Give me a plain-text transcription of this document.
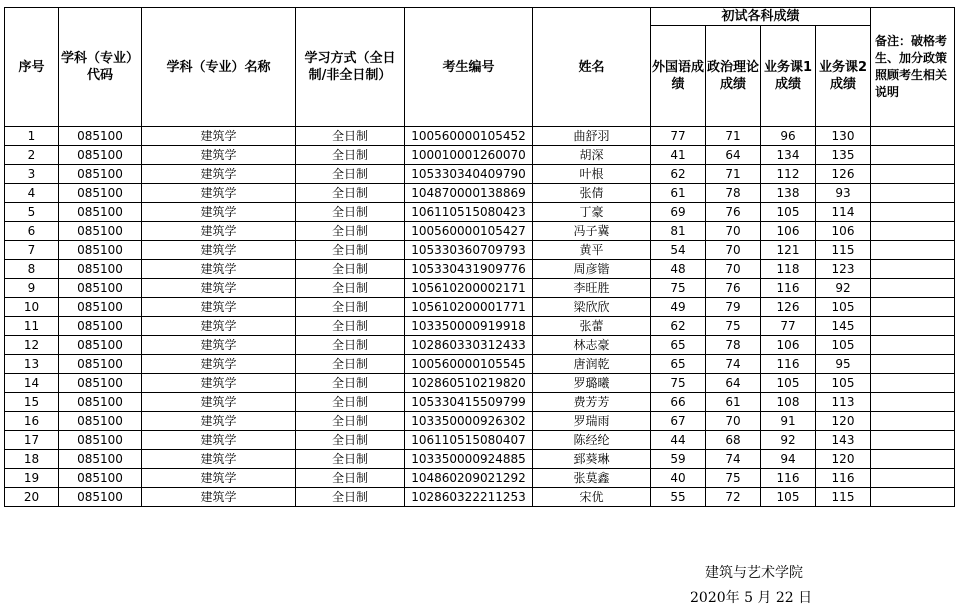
序号	学科（专业）代码	学科（专业）名称	学习方式（全日制/非全日制）	考生编号	姓名	初试各科成绩				备注：破格考生、加分政策照顾考生相关说明
						外国语成绩	政治理论成绩	业务课1成绩	业务课2成绩	
1	085100	建筑学	全日制	100560000105452	曲舒羽	77	71	96	130	
2	085100	建筑学	全日制	100010001260070	胡深	41	64	134	135	
3	085100	建筑学	全日制	105330340409790	叶根	62	71	112	126	
4	085100	建筑学	全日制	104870000138869	张倩	61	78	138	93	
5	085100	建筑学	全日制	106110515080423	丁豪	69	76	105	114	
6	085100	建筑学	全日制	100560000105427	冯子冀	81	70	106	106	
7	085100	建筑学	全日制	105330360709793	黄平	54	70	121	115	
8	085100	建筑学	全日制	105330431909776	周彦锴	48	70	118	123	
9	085100	建筑学	全日制	105610200002171	李旺胜	75	76	116	92	
10	085100	建筑学	全日制	105610200001771	梁欣欣	49	79	126	105	
11	085100	建筑学	全日制	103350000919918	张蕾	62	75	77	145	
12	085100	建筑学	全日制	102860330312433	林志豪	65	78	106	105	
13	085100	建筑学	全日制	100560000105545	唐润乾	65	74	116	95	
14	085100	建筑学	全日制	102860510219820	罗璐曦	75	64	105	105	
15	085100	建筑学	全日制	105330415509799	费芳芳	66	61	108	113	
16	085100	建筑学	全日制	103350000926302	罗瑞雨	67	70	91	120	
17	085100	建筑学	全日制	106110515080407	陈经纶	44	68	92	143	
18	085100	建筑学	全日制	103350000924885	郅葵琳	59	74	94	120	
19	085100	建筑学	全日制	104860209021292	张莫鑫	40	75	116	116	
20	085100	建筑学	全日制	102860322211253	宋优	55	72	105	115	
建筑与艺术学院
2020年 5 月 22 日
